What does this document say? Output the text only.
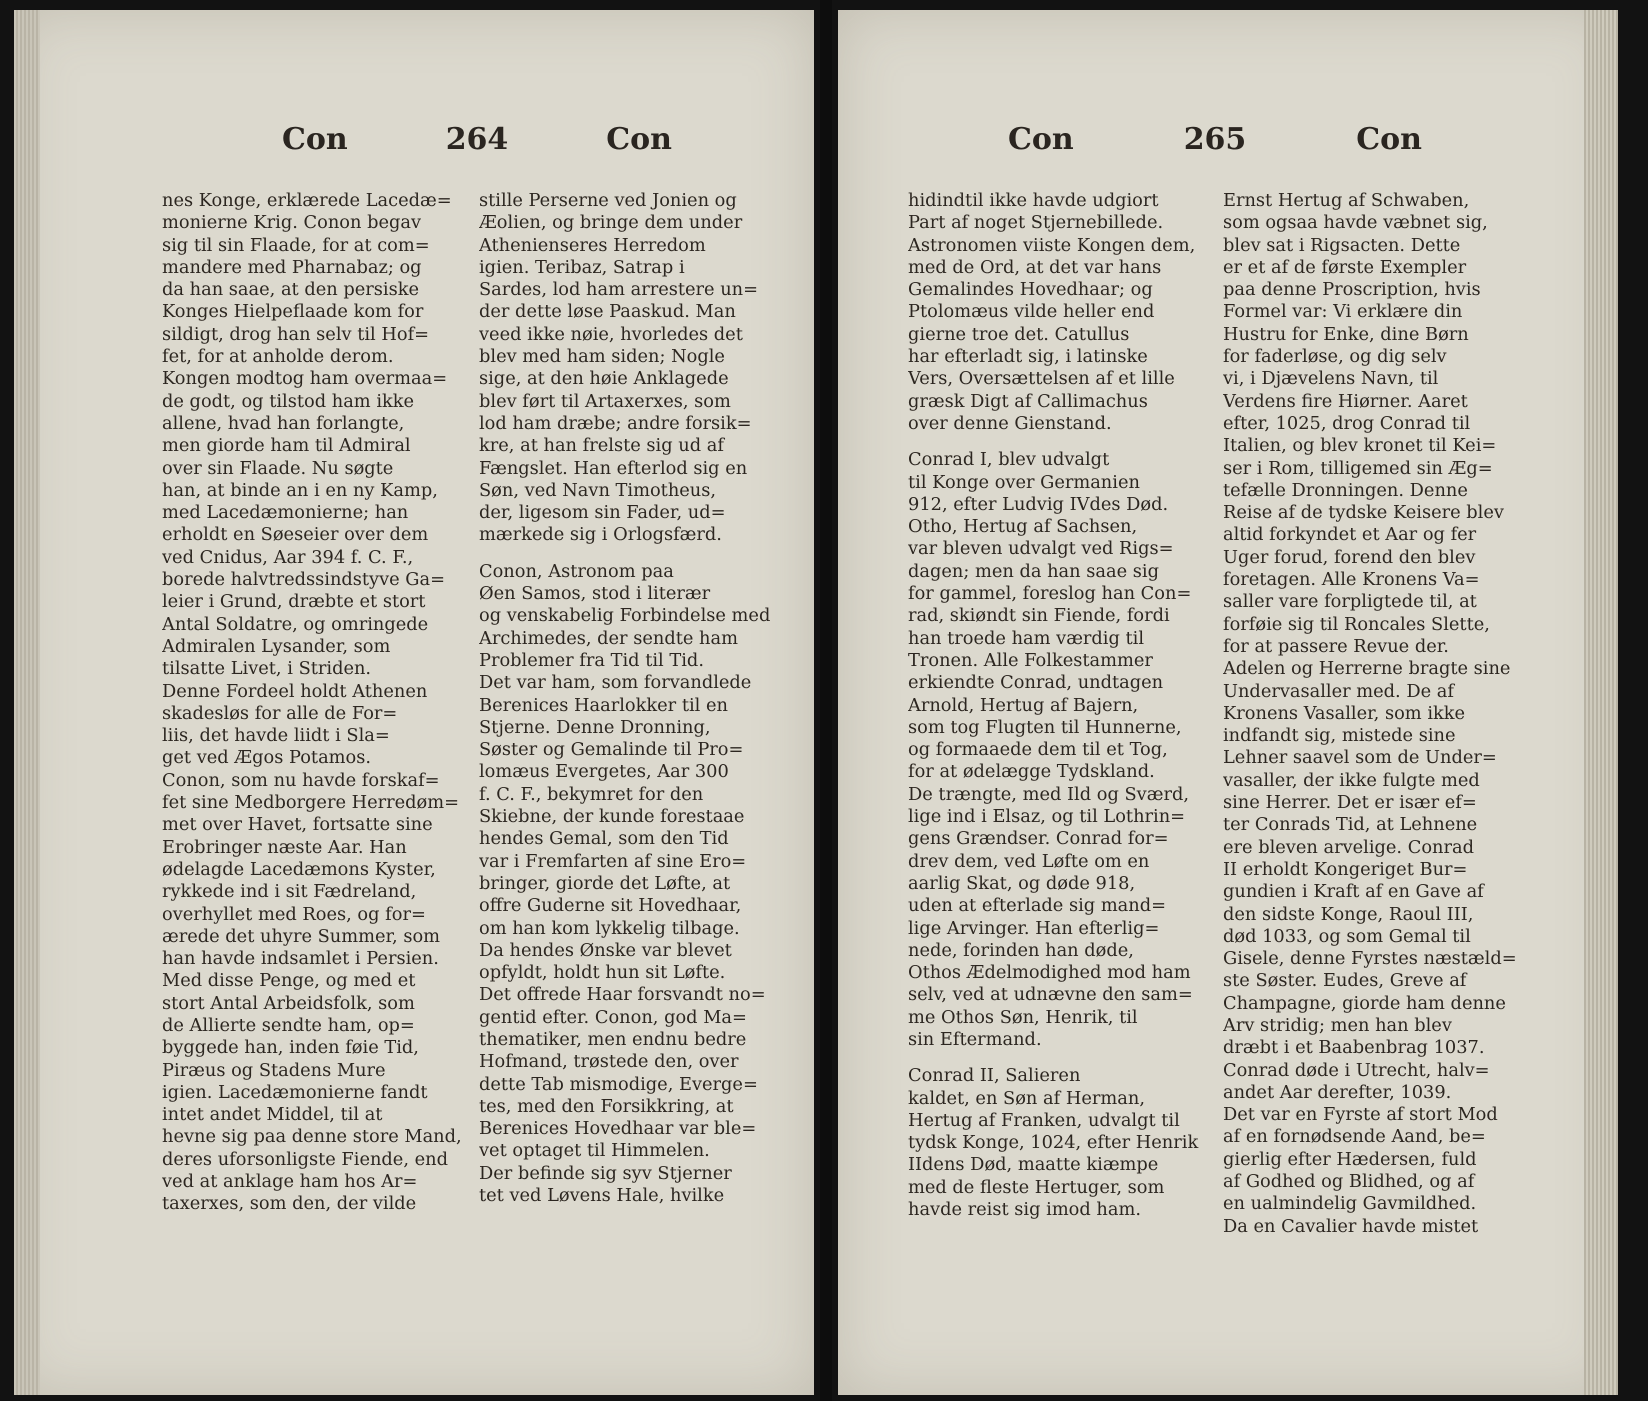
Con	264	Con
nes Konge, erklærede Lacedæ=
monierne Krig. Conon begav
sig til sin Flaade, for at com=
mandere med Pharnabaz; og
da han saae, at den persiske
Konges Hielpeflaade kom for
sildigt, drog han selv til Hof=
fet, for at anholde derom.
Kongen modtog ham overmaa=
de godt, og tilstod ham ikke
allene, hvad han forlangte,
men giorde ham til Admiral
over sin Flaade. Nu søgte
han, at binde an i en ny Kamp,
med Lacedæmonierne; han
erholdt en Søeseier over dem
ved Cnidus, Aar 394 f. C. F.,
borede halvtredssindstyve Ga=
leier i Grund, dræbte et stort
Antal Soldatre, og omringede
Admiralen Lysander, som
tilsatte Livet, i Striden.
Denne Fordeel holdt Athenen
skadesløs for alle de For=
liis, det havde liidt i Sla=
get ved Ægos Potamos.
Conon, som nu havde forskaf=
fet sine Medborgere Herredøm=
met over Havet, fortsatte sine
Erobringer næste Aar. Han
ødelagde Lacedæmons Kyster,
rykkede ind i sit Fædreland,
overhyllet med Roes, og for=
ærede det uhyre Summer, som
han havde indsamlet i Persien.
Med disse Penge, og med et
stort Antal Arbeidsfolk, som
de Allierte sendte ham, op=
byggede han, inden føie Tid,
Piræus og Stadens Mure
igien. Lacedæmonierne fandt
intet andet Middel, til at
hevne sig paa denne store Mand,
deres uforsonligste Fiende, end
ved at anklage ham hos Ar=
taxerxes, som den, der vilde
stille Perserne ved Jonien og
Æolien, og bringe dem under
Athenienseres Herredom
igien. Teribaz, Satrap i
Sardes, lod ham arrestere un=
der dette løse Paaskud. Man
veed ikke nøie, hvorledes det
blev med ham siden; Nogle
sige, at den høie Anklagede
blev ført til Artaxerxes, som
lod ham dræbe; andre forsik=
kre, at han frelste sig ud af
Fængslet. Han efterlod sig en
Søn, ved Navn Timotheus,
der, ligesom sin Fader, ud=
mærkede sig i Orlogsfærd.
Conon, Astronom paa
Øen Samos, stod i literær
og venskabelig Forbindelse med
Archimedes, der sendte ham
Problemer fra Tid til Tid.
Det var ham, som forvandlede
Berenices Haarlokker til en
Stjerne. Denne Dronning,
Søster og Gemalinde til Pro=
lomæus Evergetes, Aar 300
f. C. F., bekymret for den
Skiebne, der kunde forestaae
hendes Gemal, som den Tid
var i Fremfarten af sine Ero=
bringer, giorde det Løfte, at
offre Guderne sit Hovedhaar,
om han kom lykkelig tilbage.
Da hendes Ønske var blevet
opfyldt, holdt hun sit Løfte.
Det offrede Haar forsvandt no=
gentid efter. Conon, god Ma=
thematiker, men endnu bedre
Hofmand, trøstede den, over
dette Tab mismodige, Everge=
tes, med den Forsikkring, at
Berenices Hovedhaar var ble=
vet optaget til Himmelen.
Der befinde sig syv Stjerner
tet ved Løvens Hale, hvilke
Con	265	Con
hidindtil ikke havde udgiort
Part af noget Stjernebillede.
Astronomen viiste Kongen dem,
med de Ord, at det var hans
Gemalindes Hovedhaar; og
Ptolomæus vilde heller end
gierne troe det. Catullus
har efterladt sig, i latinske
Vers, Oversættelsen af et lille
græsk Digt af Callimachus
over denne Gienstand.
Conrad I, blev udvalgt
til Konge over Germanien
912, efter Ludvig IVdes Død.
Otho, Hertug af Sachsen,
var bleven udvalgt ved Rigs=
dagen; men da han saae sig
for gammel, foreslog han Con=
rad, skiøndt sin Fiende, fordi
han troede ham værdig til
Tronen. Alle Folkestammer
erkiendte Conrad, undtagen
Arnold, Hertug af Bajern,
som tog Flugten til Hunnerne,
og formaaede dem til et Tog,
for at ødelægge Tydskland.
De trængte, med Ild og Sværd,
lige ind i Elsaz, og til Lothrin=
gens Grændser. Conrad for=
drev dem, ved Løfte om en
aarlig Skat, og døde 918,
uden at efterlade sig mand=
lige Arvinger. Han efterlig=
nede, forinden han døde,
Othos Ædelmodighed mod ham
selv, ved at udnævne den sam=
me Othos Søn, Henrik, til
sin Eftermand.
Conrad II, Salieren
kaldet, en Søn af Herman,
Hertug af Franken, udvalgt til
tydsk Konge, 1024, efter Henrik
IIdens Død, maatte kiæmpe
med de fleste Hertuger, som
havde reist sig imod ham.
Ernst Hertug af Schwaben,
som ogsaa havde væbnet sig,
blev sat i Rigsacten. Dette
er et af de første Exempler
paa denne Proscription, hvis
Formel var: Vi erklære din
Hustru for Enke, dine Børn
for faderløse, og dig selv
vi, i Djævelens Navn, til
Verdens fire Hiørner. Aaret
efter, 1025, drog Conrad til
Italien, og blev kronet til Kei=
ser i Rom, tilligemed sin Æg=
tefælle Dronningen. Denne
Reise af de tydske Keisere blev
altid forkyndet et Aar og fer
Uger forud, forend den blev
foretagen. Alle Kronens Va=
saller vare forpligtede til, at
forføie sig til Roncales Slette,
for at passere Revue der.
Adelen og Herrerne bragte sine
Undervasaller med. De af
Kronens Vasaller, som ikke
indfandt sig, mistede sine
Lehner saavel som de Under=
vasaller, der ikke fulgte med
sine Herrer. Det er især ef=
ter Conrads Tid, at Lehnene
ere bleven arvelige. Conrad
II erholdt Kongeriget Bur=
gundien i Kraft af en Gave af
den sidste Konge, Raoul III,
død 1033, og som Gemal til
Gisele, denne Fyrstes næstæld=
ste Søster. Eudes, Greve af
Champagne, giorde ham denne
Arv stridig; men han blev
dræbt i et Baabenbrag 1037.
Conrad døde i Utrecht, halv=
andet Aar derefter, 1039.
Det var en Fyrste af stort Mod
af en fornødsende Aand, be=
gierlig efter Hædersen, fuld
af Godhed og Blidhed, og af
en ualmindelig Gavmildhed.
Da en Cavalier havde mistet
